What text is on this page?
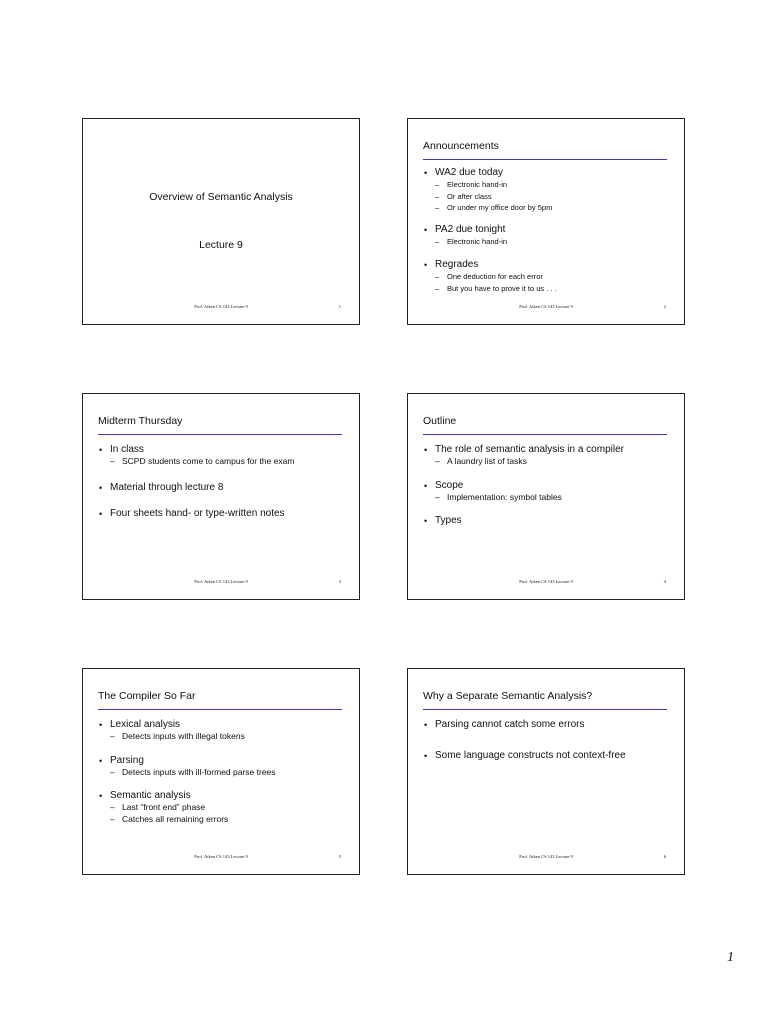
Overview of Semantic Analysis
Lecture 9
Prof. Aiken CS 143 Lecture 9	1
Announcements
• WA2 due today
– Electronic hand-in
– Or after class
– Or under my office door by 5pm
• PA2 due tonight
– Electronic hand-in
• Regrades
– One deduction for each error
– But you have to prove it to us . . .
Prof. Aiken CS 143 Lecture 9	2
Midterm Thursday
• In class
– SCPD students come to campus for the exam
• Material through lecture 8
• Four sheets hand- or type-written notes
Prof. Aiken CS 143 Lecture 9	3
Outline
• The role of semantic analysis in a compiler
– A laundry list of tasks
• Scope
– Implementation: symbol tables
• Types
Prof. Aiken CS 143 Lecture 9	4
The Compiler So Far
• Lexical analysis
– Detects inputs with illegal tokens
• Parsing
– Detects inputs with ill-formed parse trees
• Semantic analysis
– Last “front end” phase
– Catches all remaining errors
Prof. Aiken CS 143 Lecture 9	5
Why a Separate Semantic Analysis?
• Parsing cannot catch some errors
• Some language constructs not context-free
Prof. Aiken CS 143 Lecture 9	6
1
